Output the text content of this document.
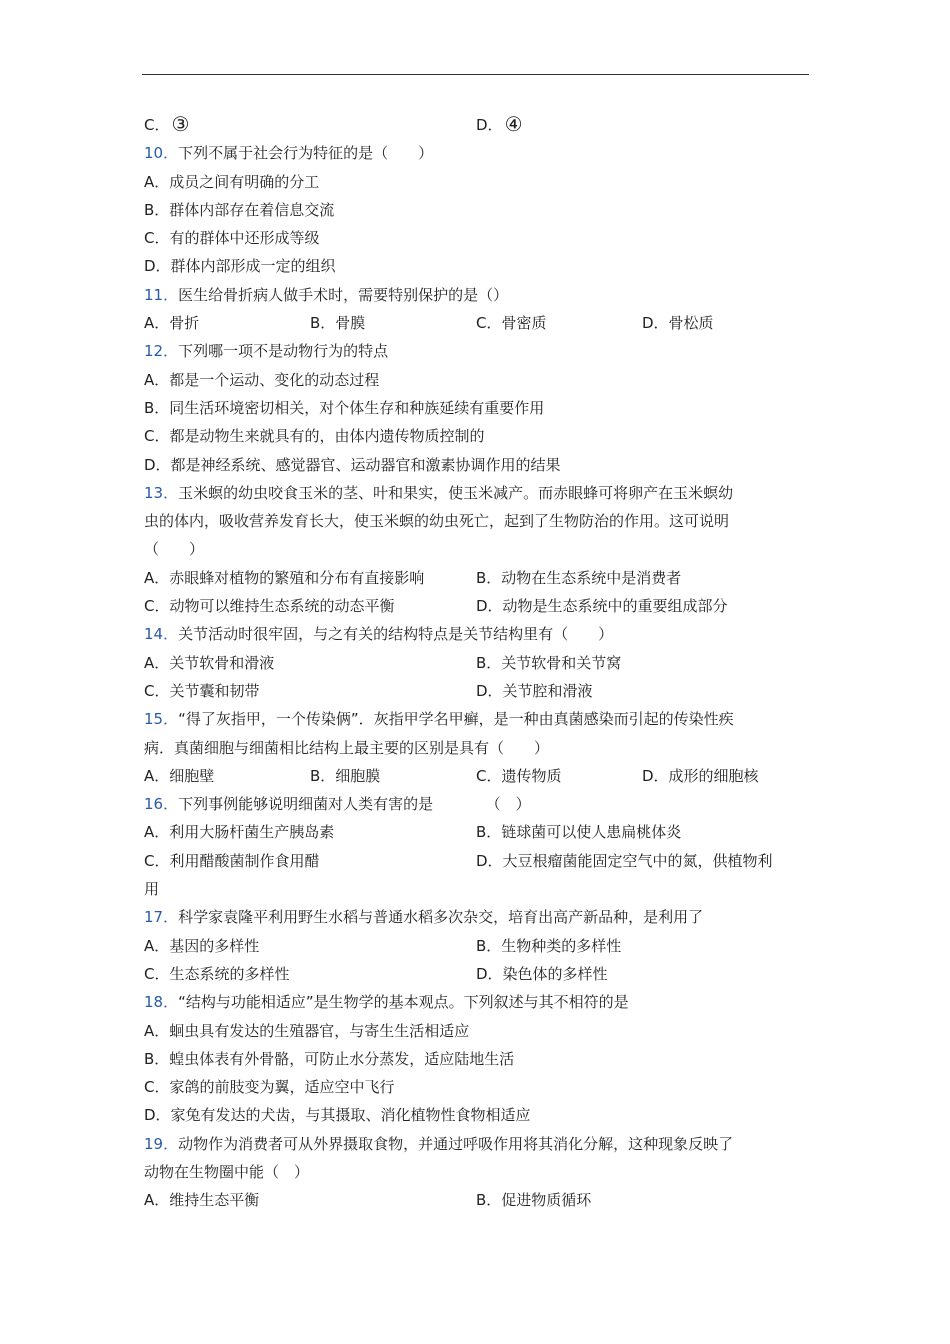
C． ③	D． ④
10．下列不属于社会行为特征的是（　　）
A．成员之间有明确的分工
B．群体内部存在着信息交流
C．有的群体中还形成等级
D．群体内部形成一定的组织
11．医生给骨折病人做手术时，需要特别保护的是（）
A．骨折	B．骨膜	C．骨密质	D．骨松质
12．下列哪一项不是动物行为的特点
A．都是一个运动、变化的动态过程
B．同生活环境密切相关，对个体生存和种族延续有重要作用
C．都是动物生来就具有的，由体内遗传物质控制的
D．都是神经系统、感觉器官、运动器官和激素协调作用的结果
13．玉米螟的幼虫咬食玉米的茎、叶和果实，使玉米减产。而赤眼蜂可将卵产在玉米螟幼
虫的体内，吸收营养发育长大，使玉米螟的幼虫死亡，起到了生物防治的作用。这可说明
（　　）
A．赤眼蜂对植物的繁殖和分布有直接影响	B．动物在生态系统中是消费者
C．动物可以维持生态系统的动态平衡	D．动物是生态系统中的重要组成部分
14．关节活动时很牢固，与之有关的结构特点是关节结构里有（　　）
A．关节软骨和滑液	B．关节软骨和关节窝
C．关节囊和韧带	D．关节腔和滑液
15．“得了灰指甲，一个传染俩”．灰指甲学名甲癣，是一种由真菌感染而引起的传染性疾
病．真菌细胞与细菌相比结构上最主要的区别是具有（　　）
A．细胞壁	B．细胞膜	C．遗传物质	D．成形的细胞核
16．下列事例能够说明细菌对人类有害的是　　　　（　）
A．利用大肠杆菌生产胰岛素	B．链球菌可以使人患扁桃体炎
C．利用醋酸菌制作食用醋	D．大豆根瘤菌能固定空气中的氮，供植物利
用
17．科学家袁隆平利用野生水稻与普通水稻多次杂交，培育出高产新品种，是利用了
A．基因的多样性	B．生物种类的多样性
C．生态系统的多样性	D．染色体的多样性
18．“结构与功能相适应”是生物学的基本观点。下列叙述与其不相符的是
A．蛔虫具有发达的生殖器官，与寄生生活相适应
B．蝗虫体表有外骨骼，可防止水分蒸发，适应陆地生活
C．家鸽的前肢变为翼，适应空中飞行
D．家兔有发达的犬齿，与其摄取、消化植物性食物相适应
19．动物作为消费者可从外界摄取食物，并通过呼吸作用将其消化分解，这种现象反映了
动物在生物圈中能（　）
A．维持生态平衡	B．促进物质循环
